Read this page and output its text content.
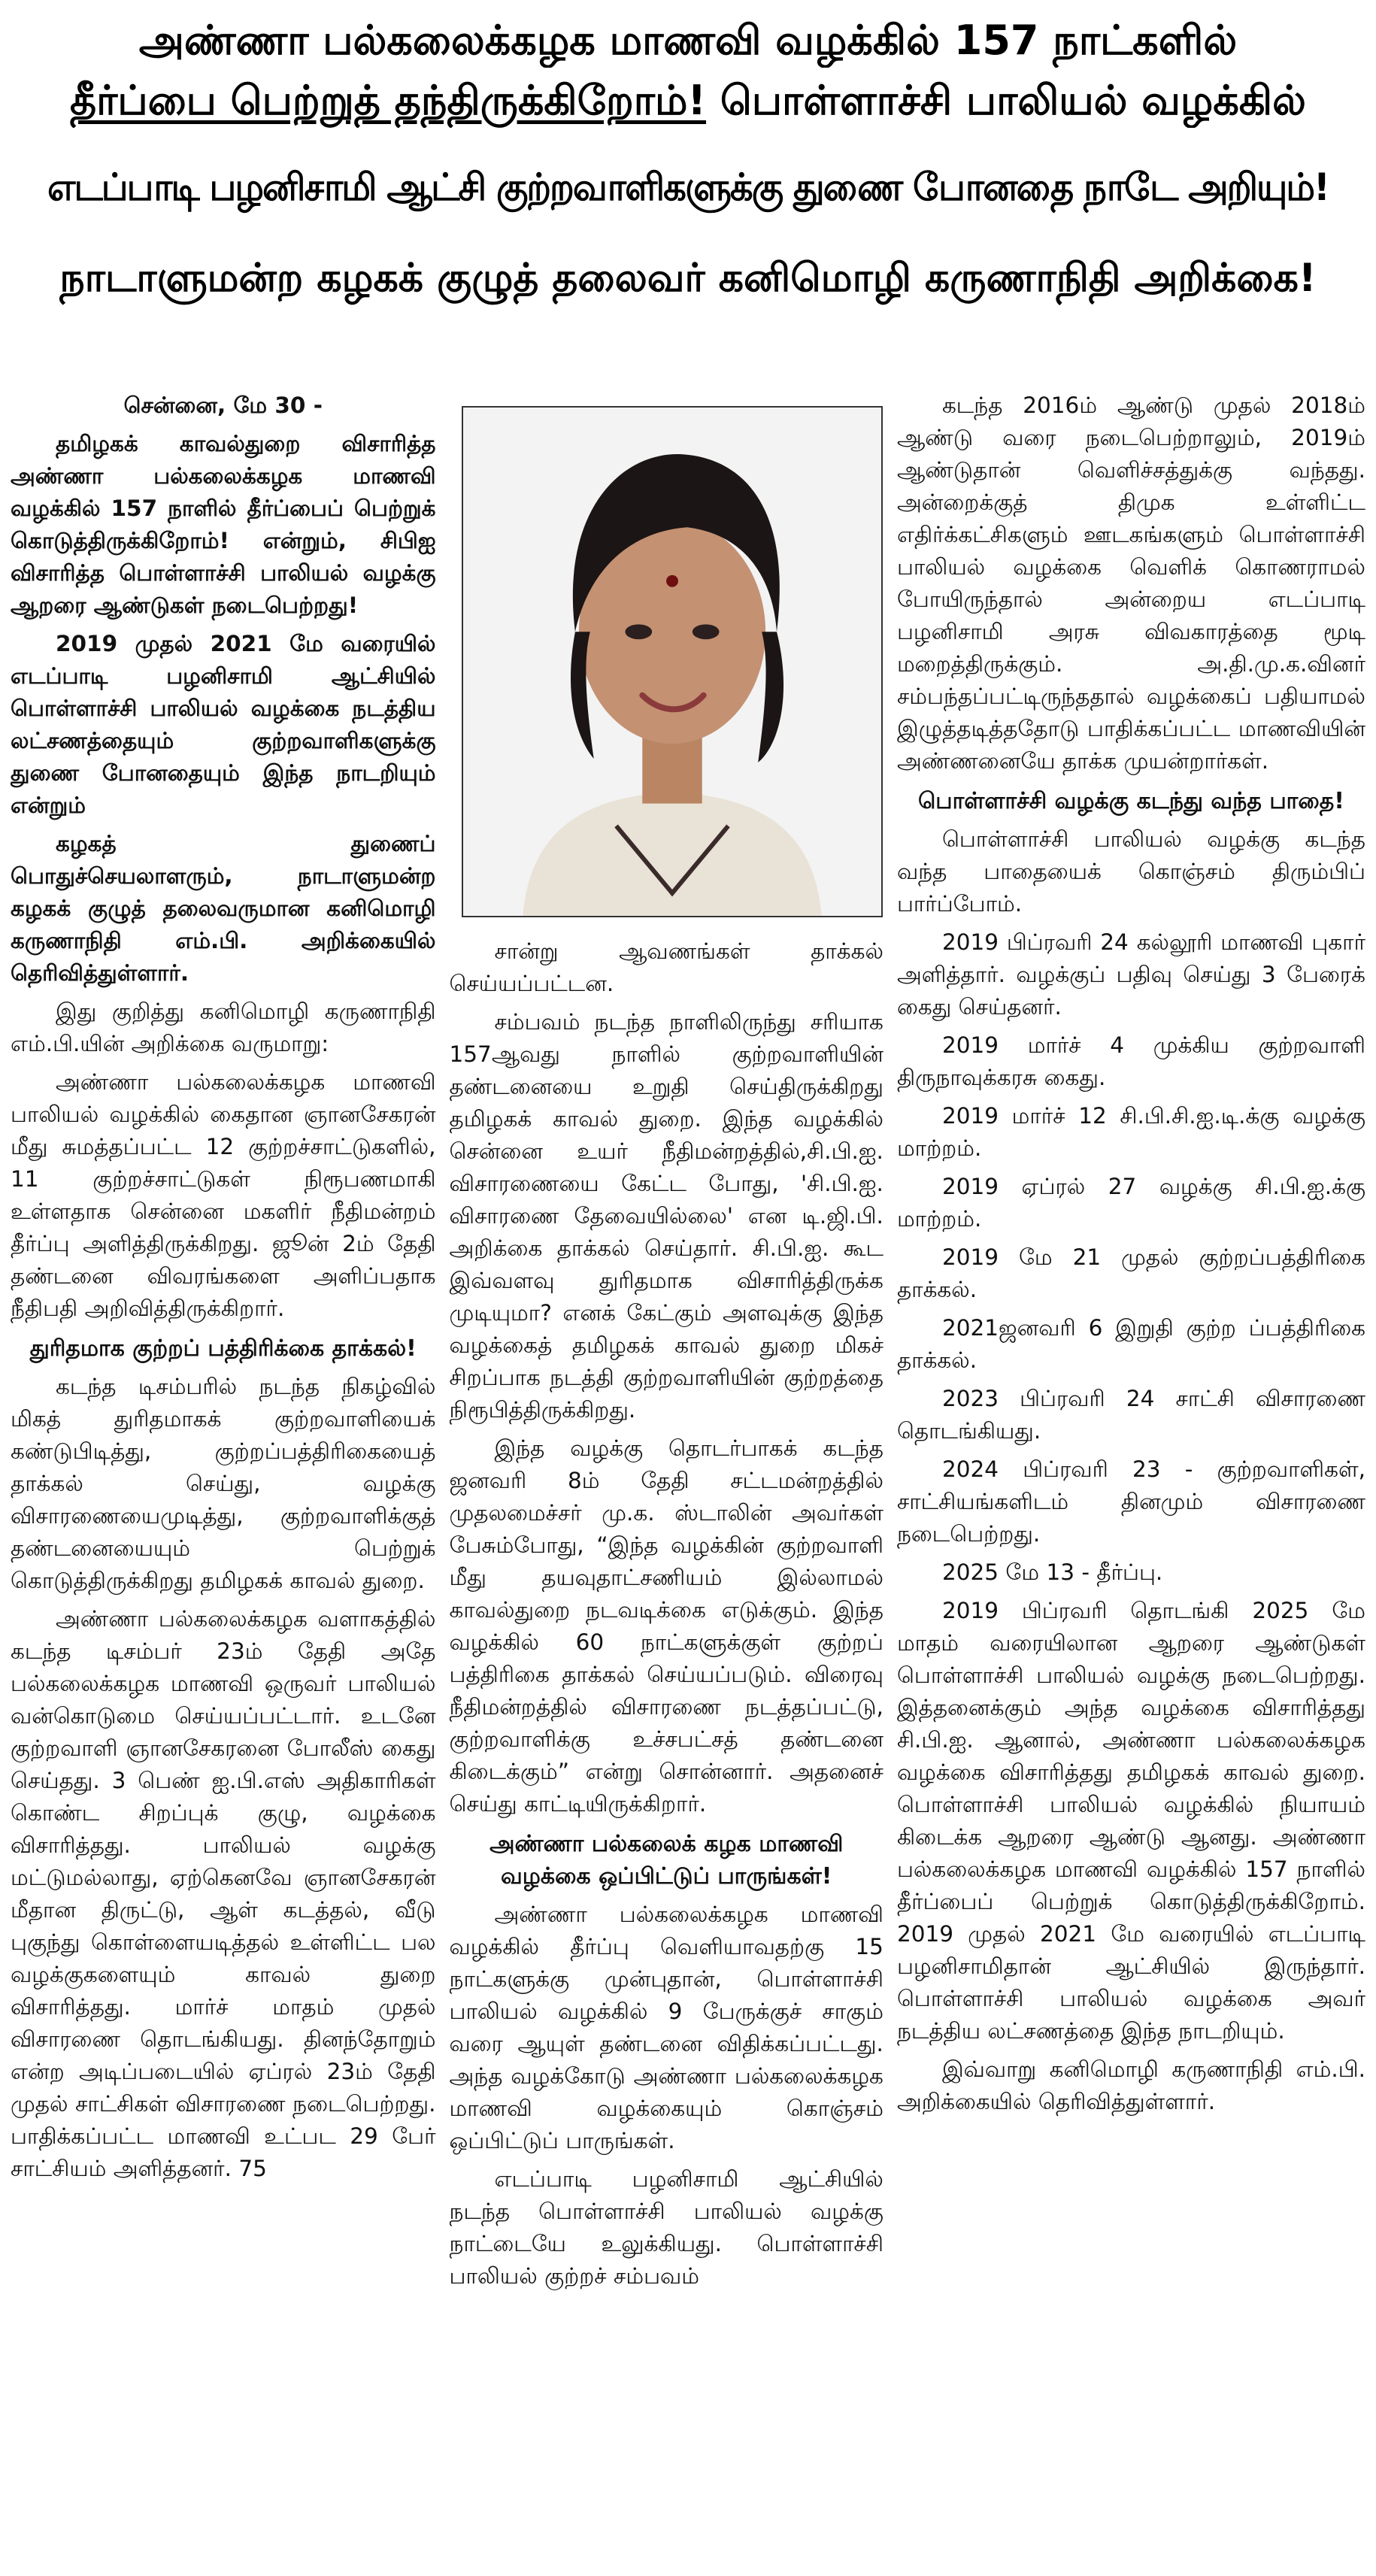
அண்ணா பல்கலைக்கழக மாணவி வழக்கில் 157 நாட்களில்
தீர்ப்பை பெற்றுத் தந்திருக்கிறோம்! பொள்ளாச்சி பாலியல் வழக்கில்
எடப்பாடி பழனிசாமி ஆட்சி குற்றவாளிகளுக்கு துணை போனதை நாடே அறியும்!
நாடாளுமன்ற கழகக் குழுத் தலைவர் கனிமொழி கருணாநிதி அறிக்கை!

சென்னை, மே 30 -

தமிழகக் காவல்துறை விசாரித்த அண்ணா பல்கலைக்கழக மாணவி வழக்கில் 157 நாளில் தீர்ப்பைப் பெற்றுக் கொடுத்திருக்கிறோம்! என்றும், சிபிஐ விசாரித்த பொள்ளாச்சி பாலியல் வழக்கு ஆறரை ஆண்டுகள் நடைபெற்றது!

2019 முதல் 2021 மே வரையில் எடப்பாடி பழனிசாமி ஆட்சியில் பொள்ளாச்சி பாலியல் வழக்கை நடத்திய லட்சணத்தையும் குற்றவாளிகளுக்கு துணை போனதையும் இந்த நாடறியும் என்றும்

கழகத் துணைப் பொதுச்செயலாளரும், நாடாளுமன்ற கழகக் குழுத் தலைவருமான கனிமொழி கருணாநிதி எம்.பி. அறிக்கையில் தெரிவித்துள்ளார்.

இது குறித்து கனிமொழி கருணாநிதி எம்.பி.யின் அறிக்கை வருமாறு:

அண்ணா பல்கலைக்கழக மாணவி பாலியல் வழக்கில் கைதான ஞானசேகரன் மீது சுமத்தப்பட்ட 12 குற்றச்சாட்டுகளில், 11 குற்றச்சாட்டுகள் நிரூபணமாகி உள்ளதாக சென்னை மகளிர் நீதிமன்றம் தீர்ப்பு அளித்திருக்கிறது. ஜூன் 2ம் தேதி தண்டனை விவரங்களை அளிப்பதாக நீதிபதி அறிவித்திருக்கிறார்.

துரிதமாக குற்றப் பத்திரிக்கை தாக்கல்!

கடந்த டிசம்பரில் நடந்த நிகழ்வில் மிகத் துரிதமாகக் குற்றவாளியைக் கண்டுபிடித்து, குற்றப்பத்திரிகையைத் தாக்கல் செய்து, வழக்கு விசாரணையைமுடித்து, குற்றவாளிக்குத் தண்டனையையும் பெற்றுக் கொடுத்திருக்கிறது தமிழகக் காவல் துறை.

அண்ணா பல்கலைக்கழக வளாகத்தில் கடந்த டிசம்பர் 23ம் தேதி அதே பல்கலைக்கழக மாணவி ஒருவர் பாலியல் வன்கொடுமை செய்யப்பட்டார். உடனே குற்றவாளி ஞானசேகரனை போலீஸ் கைது செய்தது. 3 பெண் ஐ.பி.எஸ் அதிகாரிகள் கொண்ட சிறப்புக் குழு, வழக்கை விசாரித்தது. பாலியல் வழக்கு மட்டுமல்லாது, ஏற்கெனவே ஞானசேகரன் மீதான திருட்டு, ஆள் கடத்தல், வீடு புகுந்து கொள்ளையடித்தல் உள்ளிட்ட பல வழக்குகளையும் காவல் துறை விசாரித்தது. மார்ச் மாதம் முதல் விசாரணை தொடங்கியது. தினந்தோறும் என்ற அடிப்படையில் ஏப்ரல் 23ம் தேதி முதல் சாட்சிகள் விசாரணை நடைபெற்றது. பாதிக்கப்பட்ட மாணவி உட்பட 29 பேர் சாட்சியம் அளித்தனர். 75

சான்று ஆவணங்கள் தாக்கல் செய்யப்பட்டன.

சம்பவம் நடந்த நாளிலிருந்து சரியாக 157ஆவது நாளில் குற்றவாளியின் தண்டனையை உறுதி செய்திருக்கிறது தமிழகக் காவல் துறை. இந்த வழக்கில் சென்னை உயர் நீதிமன்றத்தில்,சி.பி.ஐ. விசாரணையை கேட்ட போது, 'சி.பி.ஐ. விசாரணை தேவையில்லை' என டி.ஜி.பி. அறிக்கை தாக்கல் செய்தார். சி.பி.ஐ. கூட இவ்வளவு துரிதமாக விசாரித்திருக்க முடியுமா? எனக் கேட்கும் அளவுக்கு இந்த வழக்கைத் தமிழகக் காவல் துறை மிகச் சிறப்பாக நடத்தி குற்றவாளியின் குற்றத்தை நிரூபித்திருக்கிறது.

இந்த வழக்கு தொடர்பாகக் கடந்த ஜனவரி 8ம் தேதி சட்டமன்றத்தில் முதலமைச்சர் மு.க. ஸ்டாலின் அவர்கள் பேசும்போது, “இந்த வழக்கின் குற்றவாளி மீது தயவுதாட்சணியம் இல்லாமல் காவல்துறை நடவடிக்கை எடுக்கும். இந்த வழக்கில் 60 நாட்களுக்குள் குற்றப் பத்திரிகை தாக்கல் செய்யப்படும். விரைவு நீதிமன்றத்தில் விசாரணை நடத்தப்பட்டு, குற்றவாளிக்கு உச்சபட்சத் தண்டனை கிடைக்கும்” என்று சொன்னார். அதனைச் செய்து காட்டியிருக்கிறார்.

அண்ணா பல்கலைக் கழக மாணவி வழக்கை ஒப்பிட்டுப் பாருங்கள்!

அண்ணா பல்கலைக்கழக மாணவி வழக்கில் தீர்ப்பு வெளியாவதற்கு 15 நாட்களுக்கு முன்புதான், பொள்ளாச்சி பாலியல் வழக்கில் 9 பேருக்குச் சாகும் வரை ஆயுள் தண்டனை விதிக்கப்பட்டது. அந்த வழக்கோடு அண்ணா பல்கலைக்கழக மாணவி வழக்கையும் கொஞ்சம் ஒப்பிட்டுப் பாருங்கள்.

எடப்பாடி பழனிசாமி ஆட்சியில் நடந்த பொள்ளாச்சி பாலியல் வழக்கு நாட்டையே உலுக்கியது. பொள்ளாச்சி பாலியல் குற்றச் சம்பவம்

கடந்த 2016ம் ஆண்டு முதல் 2018ம் ஆண்டு வரை நடைபெற்றாலும், 2019ம் ஆண்டுதான் வெளிச்சத்துக்கு வந்தது. அன்றைக்குத் திமுக உள்ளிட்ட எதிர்க்கட்சிகளும் ஊடகங்களும் பொள்ளாச்சி பாலியல் வழக்கை வெளிக் கொணராமல் போயிருந்தால் அன்றைய எடப்பாடி பழனிசாமி அரசு விவகாரத்தை மூடி மறைத்திருக்கும். அ.தி.மு.க.வினர் சம்பந்தப்பட்டிருந்ததால் வழக்கைப் பதியாமல் இழுத்தடித்ததோடு பாதிக்கப்பட்ட மாணவியின் அண்ணனையே தாக்க முயன்றார்கள்.

பொள்ளாச்சி வழக்கு கடந்து வந்த பாதை!

பொள்ளாச்சி பாலியல் வழக்கு கடந்த வந்த பாதையைக் கொஞ்சம் திரும்பிப் பார்ப்போம்.

2019 பிப்ரவரி 24 கல்லூரி மாணவி புகார் அளித்தார். வழக்குப் பதிவு செய்து 3 பேரைக் கைது செய்தனர்.

2019 மார்ச் 4 முக்கிய குற்றவாளி திருநாவுக்கரசு கைது.

2019 மார்ச் 12 சி.பி.சி.ஐ.டி.க்கு வழக்கு மாற்றம்.

2019 ஏப்ரல் 27 வழக்கு சி.பி.ஐ.க்கு மாற்றம்.

2019 மே 21 முதல் குற்றப்பத்திரிகை தாக்கல்.

2021ஜனவரி 6 இறுதி குற்ற ப்பத்திரிகை தாக்கல்.

2023 பிப்ரவரி 24 சாட்சி விசாரணை தொடங்கியது.

2024 பிப்ரவரி 23 - குற்றவாளிகள், சாட்சியங்களிடம் தினமும் விசாரணை நடைபெற்றது.

2025 மே 13 - தீர்ப்பு.

2019 பிப்ரவரி தொடங்கி 2025 மே மாதம் வரையிலான ஆறரை ஆண்டுகள் பொள்ளாச்சி பாலியல் வழக்கு நடைபெற்றது. இத்தனைக்கும் அந்த வழக்கை விசாரித்தது சி.பி.ஐ. ஆனால், அண்ணா பல்கலைக்கழக வழக்கை விசாரித்தது தமிழகக் காவல் துறை. பொள்ளாச்சி பாலியல் வழக்கில் நியாயம் கிடைக்க ஆறரை ஆண்டு ஆனது. அண்ணா பல்கலைக்கழக மாணவி வழக்கில் 157 நாளில் தீர்ப்பைப் பெற்றுக் கொடுத்திருக்கிறோம். 2019 முதல் 2021 மே வரையில் எடப்பாடி பழனிசாமிதான் ஆட்சியில் இருந்தார். பொள்ளாச்சி பாலியல் வழக்கை அவர் நடத்திய லட்சணத்தை இந்த நாடறியும்.

இவ்வாறு கனிமொழி கருணாநிதி எம்.பி. அறிக்கையில் தெரிவித்துள்ளார்.
